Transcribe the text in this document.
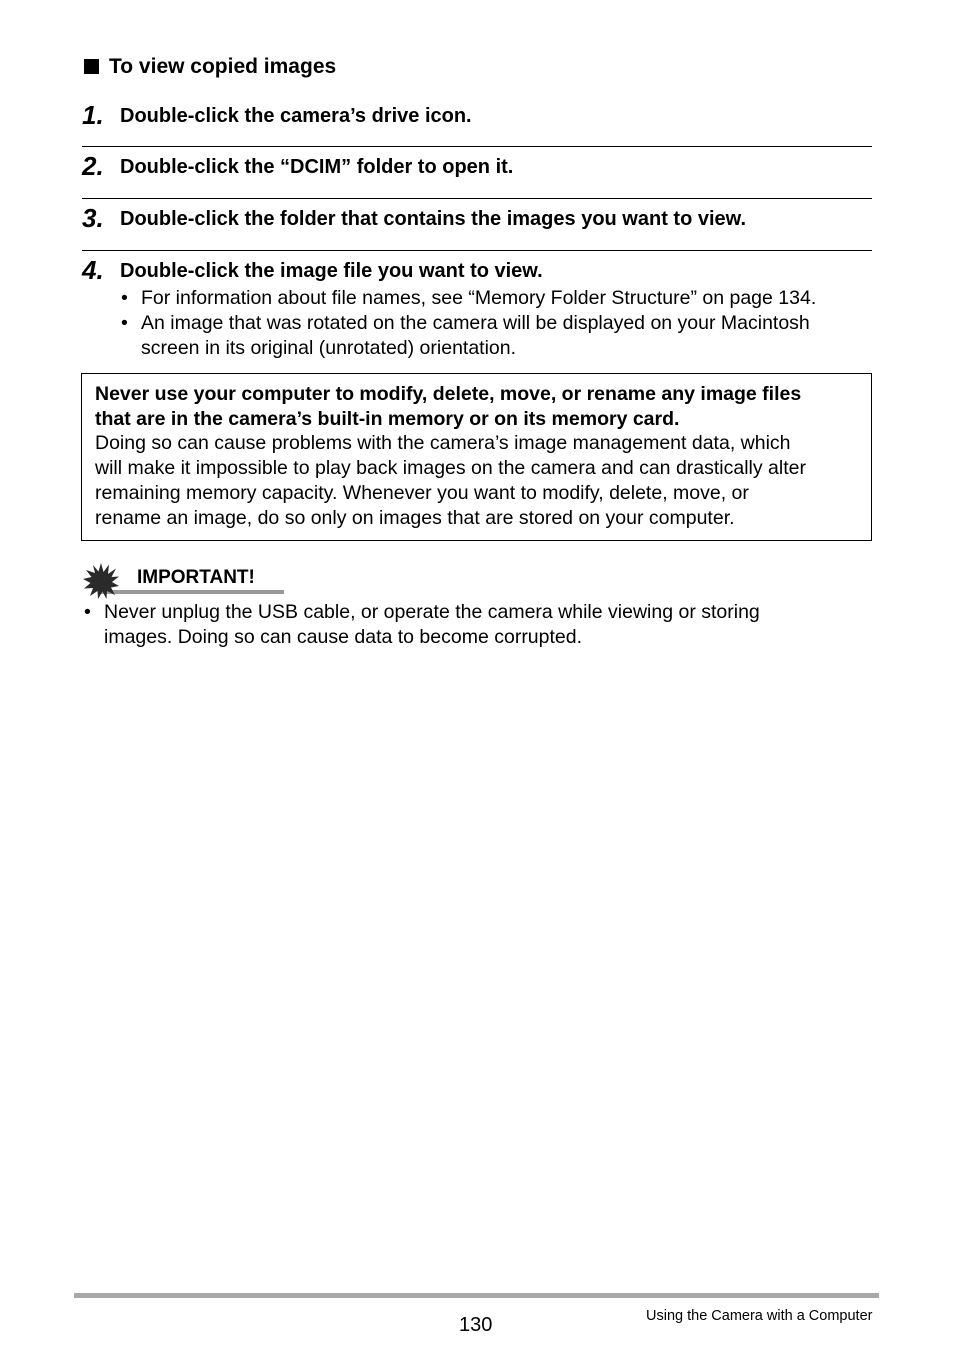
To view copied images
1. Double-click the camera’s drive icon.
2. Double-click the “DCIM” folder to open it.
3. Double-click the folder that contains the images you want to view.
4. Double-click the image file you want to view.
• For information about file names, see “Memory Folder Structure” on page 134.
• An image that was rotated on the camera will be displayed on your Macintosh
screen in its original (unrotated) orientation.
Never use your computer to modify, delete, move, or rename any image files
that are in the camera’s built-in memory or on its memory card.
Doing so can cause problems with the camera’s image management data, which
will make it impossible to play back images on the camera and can drastically alter
remaining memory capacity. Whenever you want to modify, delete, move, or
rename an image, do so only on images that are stored on your computer.
IMPORTANT!
• Never unplug the USB cable, or operate the camera while viewing or storing
images. Doing so can cause data to become corrupted.
130	Using the Camera with a Computer
